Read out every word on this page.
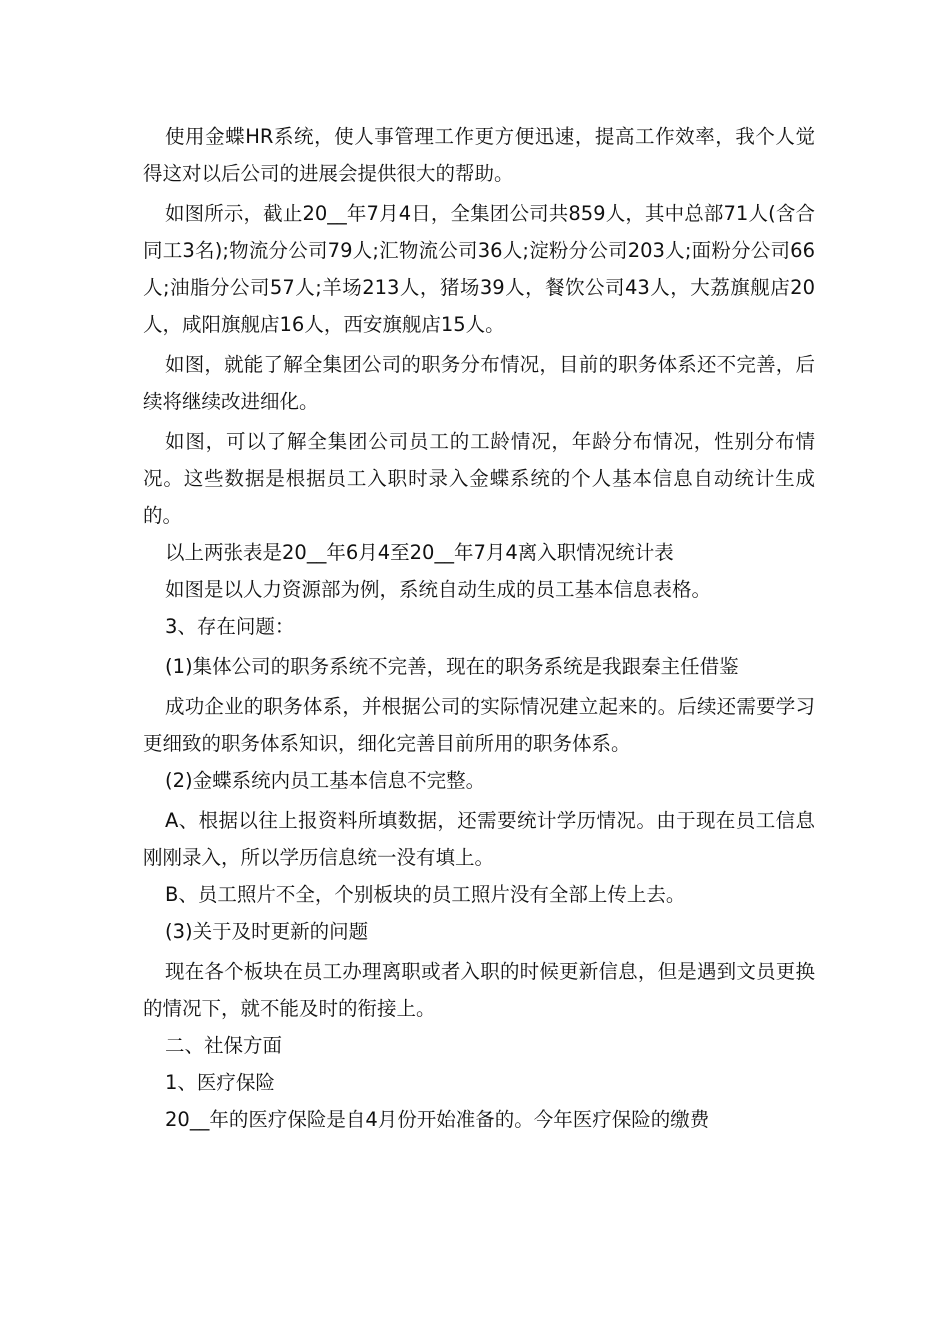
使用金蝶HR系统，使人事管理工作更方便迅速，提高工作效率，我个人觉得这对以后公司的进展会提供很大的帮助。

如图所示，截止20__年7月4日，全集团公司共859人，其中总部71人(含合同工3名);物流分公司79人;汇物流公司36人;淀粉分公司203人;面粉分公司66人;油脂分公司57人;羊场213人，猪场39人，餐饮公司43人，大荔旗舰店20人，咸阳旗舰店16人，西安旗舰店15人。

如图，就能了解全集团公司的职务分布情况，目前的职务体系还不完善，后续将继续改进细化。

如图，可以了解全集团公司员工的工龄情况，年龄分布情况，性别分布情况。这些数据是根据员工入职时录入金蝶系统的个人基本信息自动统计生成的。

以上两张表是20__年6月4至20__年7月4离入职情况统计表

如图是以人力资源部为例，系统自动生成的员工基本信息表格。

3、存在问题：

(1)集体公司的职务系统不完善，现在的职务系统是我跟秦主任借鉴

成功企业的职务体系，并根据公司的实际情况建立起来的。后续还需要学习更细致的职务体系知识，细化完善目前所用的职务体系。

(2)金蝶系统内员工基本信息不完整。

A、根据以往上报资料所填数据，还需要统计学历情况。由于现在员工信息刚刚录入，所以学历信息统一没有填上。

B、员工照片不全，个别板块的员工照片没有全部上传上去。

(3)关于及时更新的问题

现在各个板块在员工办理离职或者入职的时候更新信息，但是遇到文员更换的情况下，就不能及时的衔接上。

二、社保方面

1、医疗保险

20__年的医疗保险是自4月份开始准备的。今年医疗保险的缴费
